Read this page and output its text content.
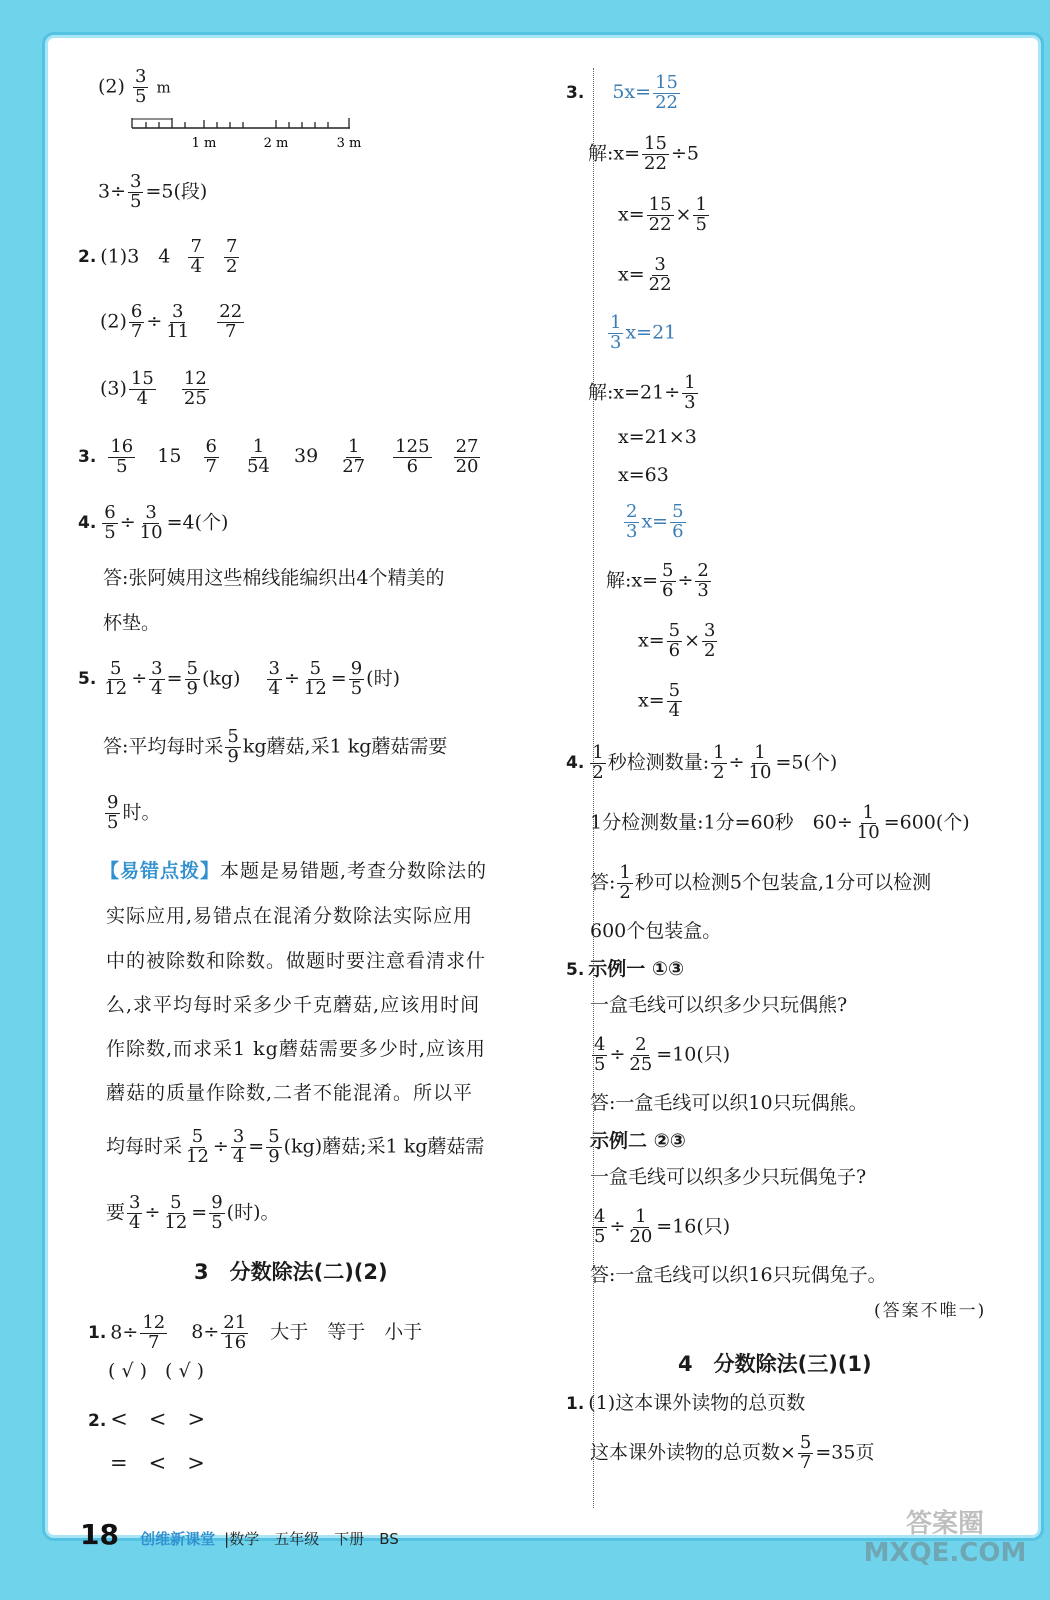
$(2) \frac{3}{5}$ m
1 m	2 m	3 m
$3\div \frac{3}{5} =5$(段)
2. (1)3　$4 \frac{7}{4}$
$\frac{7}{2}$
$(2) \frac{6}{7} \div \frac{3}{11}$
$\frac{22}{7}$
$(3) \frac{15}{4}$
$\frac{12}{25}$
3. $\frac{16}{5} 15 \frac{6}{7}$
$\frac{1}{54} 39 \frac{1}{27}$
$\frac{125}{6}$
$\frac{27}{20}$
4. $\frac{6}{5} \div \frac{3}{10} =4$(个)
答:张阿姨用这些棉线能编织出4个精美的
杯垫。
5. $\frac{5}{12} \div \frac{3}{4} = \frac{5}{9} (kg) \frac{3}{4} \div \frac{5}{12} = \frac{9}{5}$ (时)
答:平均每时采 $\frac{5}{9}$ kg蘑菇,采1 kg蘑菇需要
$\frac{9}{5}$ 时。
【易错点拨】本题是易错题,考查分数除法的
实际应用,易错点在混淆分数除法实际应用
中的被除数和除数。做题时要注意看清求什
么,求平均每时采多少千克蘑菇,应该用时间
作除数,而求采1 kg蘑菇需要多少时,应该用
蘑菇的质量作除数,二者不能混淆。所以平
均每时采 $\frac{5}{12} \div \frac{3}{4} = \frac{5}{9} (kg)$蘑菇;采1 kg蘑菇需
要 $\frac{3}{4} \div \frac{5}{12} = \frac{9}{5}$ (时)。
3　分数除法(二)(2)
1. $8\div \frac{12}{7} 8\div \frac{21}{16}$ 大于　等于　小于
( √ ) ( √ )
2. <　<　>
=　<　>
3. $5x= \frac{15}{22}$
解:x= $\frac{15}{22} \div 5$
$x= \frac{15}{22} \times \frac{1}{5}$
$x= \frac{3}{22}$
$\frac{1}{3} x=21$
解:x=21÷ $\frac{1}{3}$
x=21×3
x=63
$\frac{2}{3} x= \frac{5}{6}$
解:x= $\frac{5}{6} \div \frac{2}{3}$
$x= \frac{5}{6} \times \frac{3}{2}$
$x= \frac{5}{4}$
4. $\frac{1}{2}$ 秒检测数量: $\frac{1}{2} \div \frac{1}{10} =5$(个)
1分检测数量:1分=60秒　$60\div \frac{1}{10} =600$(个)
答: $\frac{1}{2}$ 秒可以检测5个包装盒,1分可以检测
600个包装盒。
5. 示例一 ①③
一盒毛线可以织多少只玩偶熊?
$\frac{4}{5} \div \frac{2}{25} =10$(只)
答:一盒毛线可以织10只玩偶熊。
示例二 ②③
一盒毛线可以织多少只玩偶兔子?
$\frac{4}{5} \div \frac{1}{20} =16$(只)
答:一盒毛线可以织16只玩偶兔子。
(答案不唯一)
4　分数除法(三)(1)
1. (1)这本课外读物的总页数
这本课外读物的总页数× $\frac{5}{7} =35$页
18 创维新课堂 |数学　五年级　下册　BS	答案圈 MXQE.COM
